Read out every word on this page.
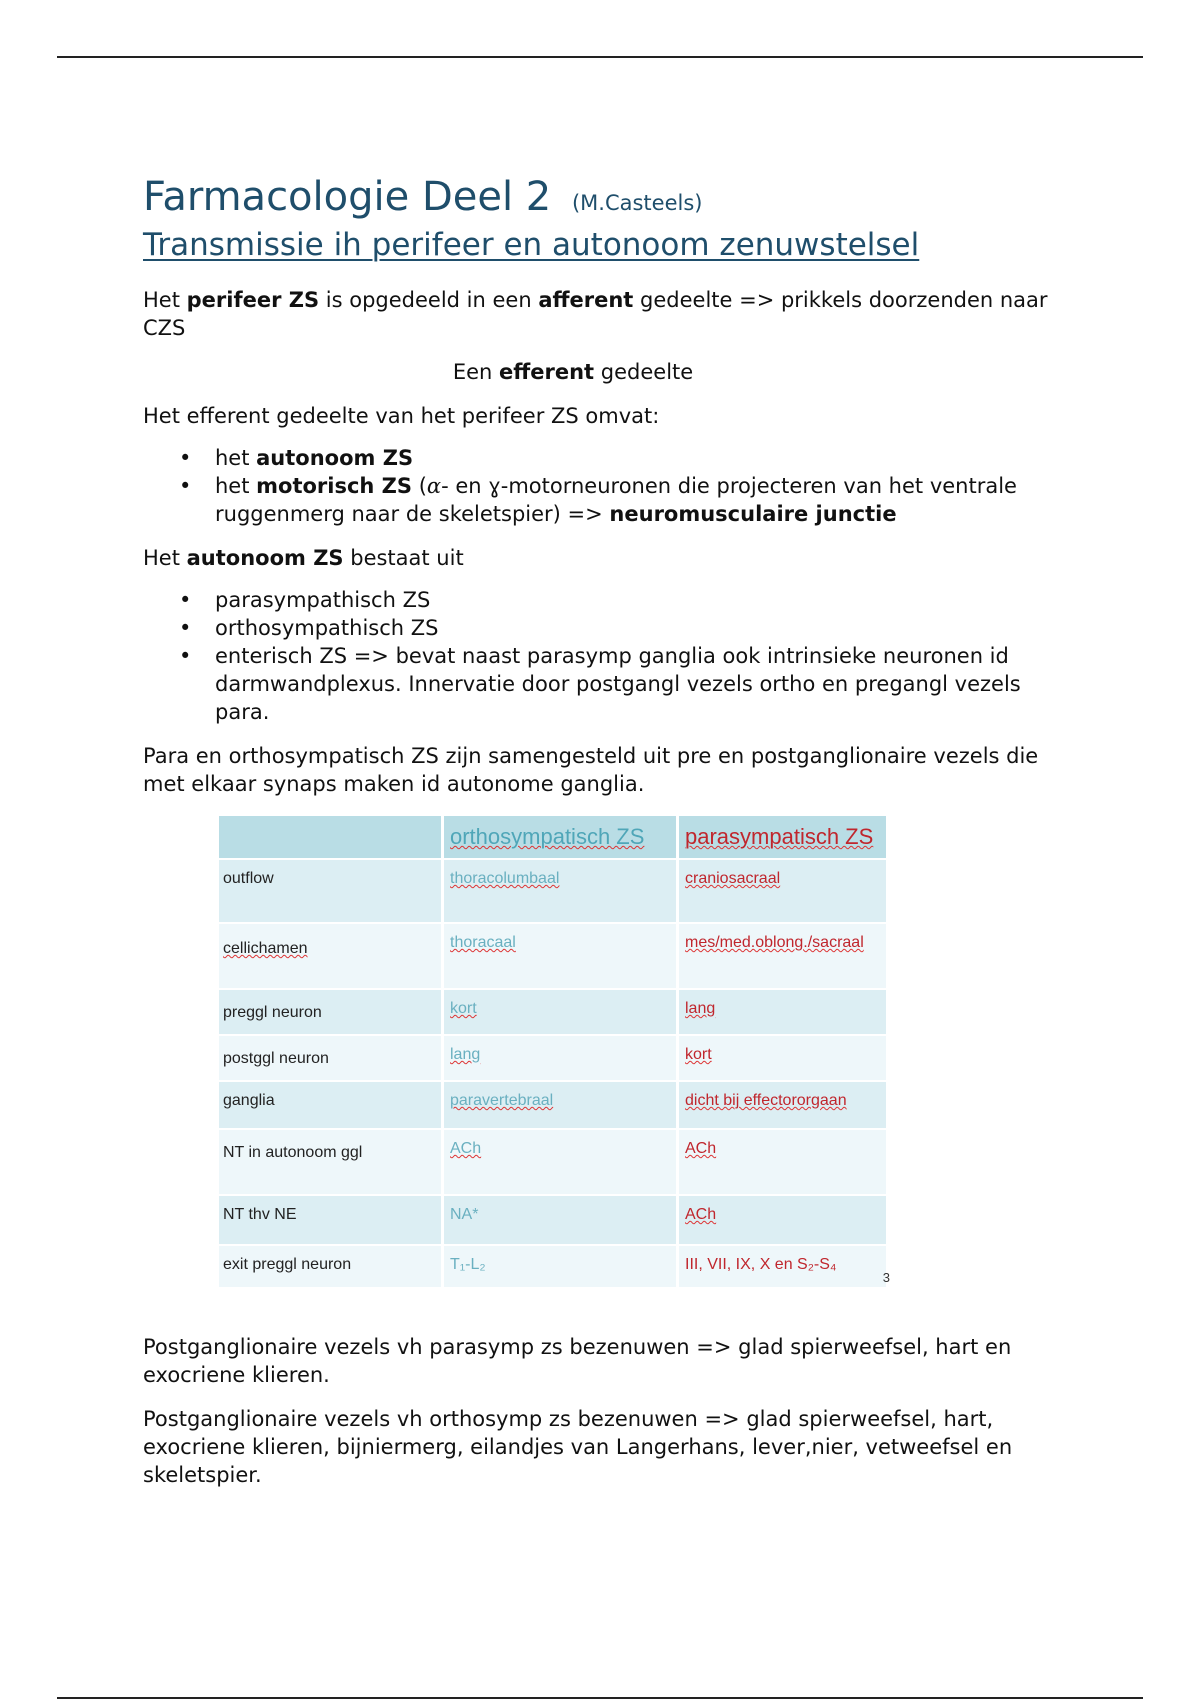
Farmacologie Deel 2 (M.Casteels)
Transmissie ih perifeer en autonoom zenuwstelsel

Het perifeer ZS is opgedeeld in een afferent gedeelte => prikkels doorzenden naar CZS

Een efferent gedeelte

Het efferent gedeelte van het perifeer ZS omvat:

• het autonoom ZS
• het motorisch ZS (α- en ɣ-motorneuronen die projecteren van het ventrale ruggenmerg naar de skeletspier) => neuromusculaire junctie

Het autonoom ZS bestaat uit

• parasympathisch ZS
• orthosympathisch ZS
• enterisch ZS => bevat naast parasymp ganglia ook intrinsieke neuronen id darmwandplexus. Innervatie door postgangl vezels ortho en pregangl vezels para.

Para en orthosympatisch ZS zijn samengesteld uit pre en postganglionaire vezels die met elkaar synaps maken id autonome ganglia.

	orthosympatisch ZS	parasympatisch ZS
outflow	thoracolumbaal	craniosacraal
cellichamen	thoracaal	mes/med.oblong./sacraal
preggl neuron	kort	lang
postggl neuron	lang	kort
ganglia	paravertebraal	dicht bij effectororgaan
NT in autonoom ggl	ACh	ACh
NT thv NE	NA*	ACh
exit preggl neuron	T₁-L₂	III, VII, IX, X en S₂-S₄
3

Postganglionaire vezels vh parasymp zs bezenuwen => glad spierweefsel, hart en exocriene klieren.

Postganglionaire vezels vh orthosymp zs bezenuwen => glad spierweefsel, hart, exocriene klieren, bijniermerg, eilandjes van Langerhans, lever,nier, vetweefsel en skeletspier.
